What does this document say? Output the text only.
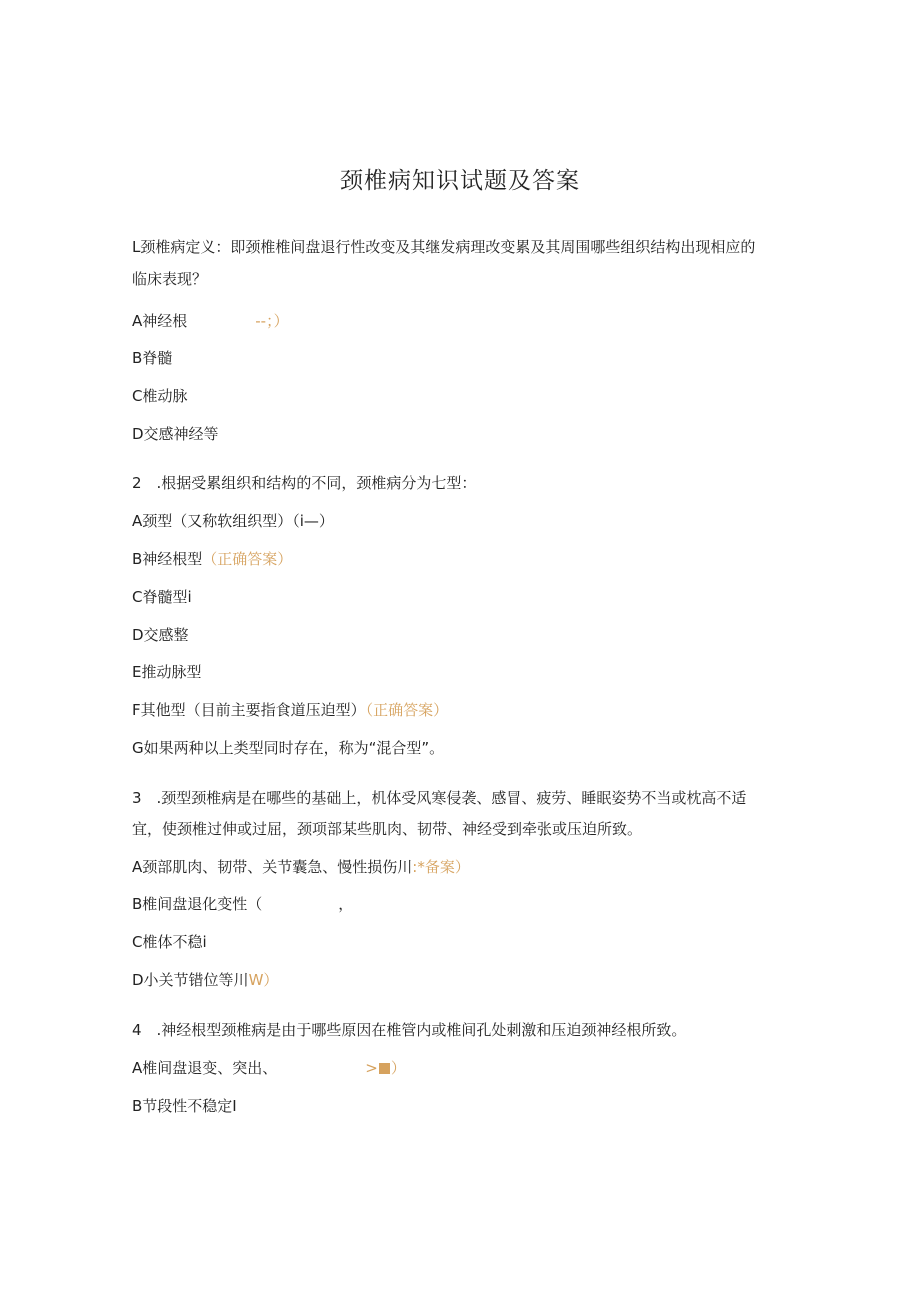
颈椎病知识试题及答案
L颈椎病定义：即颈椎椎间盘退行性改变及其继发病理改变累及其周围哪些组织结构出现相应的
临床表现？
A神经根	--；）
B脊髓
C椎动脉
D交感神经等
2　.根据受累组织和结构的不同，颈椎病分为七型：
A颈型（又称软组织型）（i—）
B神经根型（正确答案）
C脊髓型i
D交感整
E推动脉型
F其他型（目前主要指食道压迫型）（正确答案）
G如果两种以上类型同时存在，称为“混合型”。
3　.颈型颈椎病是在哪些的基础上，机体受风寒侵袭、感冒、疲劳、睡眠姿势不当或枕高不适
宜，使颈椎过伸或过屈，颈项部某些肌肉、韧带、神经受到牵张或压迫所致。
A颈部肌肉、韧带、关节囊急、慢性损伤川:*备案）
B椎间盘退化变性（	，
C椎体不稳i
D小关节错位等川W）
4　.神经根型颈椎病是由于哪些原因在椎管内或椎间孔处刺激和压迫颈神经根所致。
A椎间盘退变、突出、	> ）
B节段性不稳定I
